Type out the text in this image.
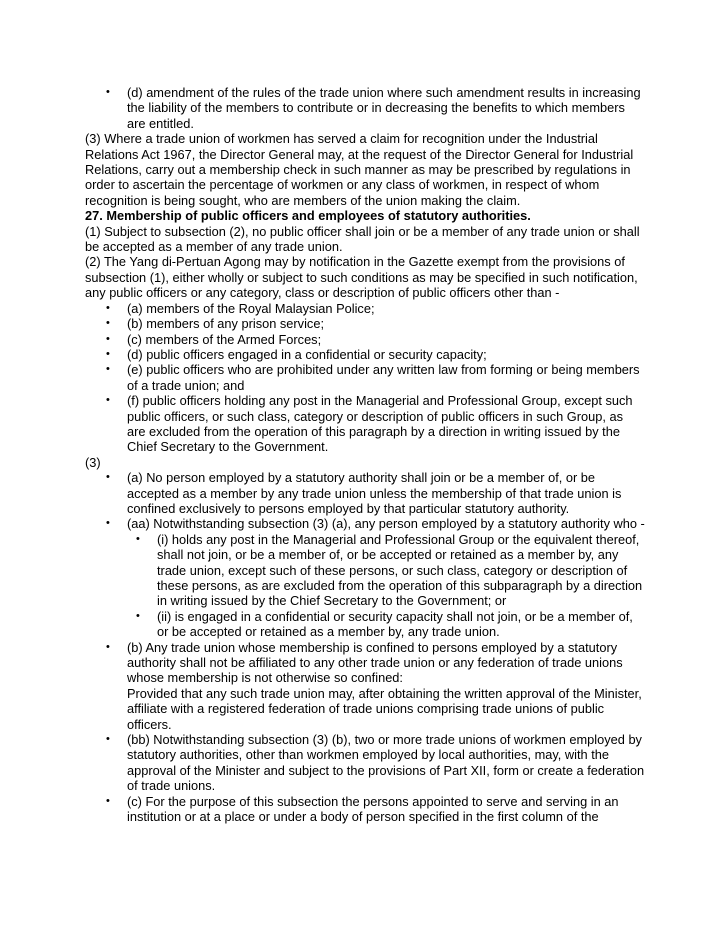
• (d) amendment of the rules of the trade union where such amendment results in increasing the liability of the members to contribute or in decreasing the benefits to which members are entitled.

(3) Where a trade union of workmen has served a claim for recognition under the Industrial Relations Act 1967, the Director General may, at the request of the Director General for Industrial Relations, carry out a membership check in such manner as may be prescribed by regulations in order to ascertain the percentage of workmen or any class of workmen, in respect of whom recognition is being sought, who are members of the union making the claim.

27. Membership of public officers and employees of statutory authorities.

(1) Subject to subsection (2), no public officer shall join or be a member of any trade union or shall be accepted as a member of any trade union.

(2) The Yang di-Pertuan Agong may by notification in the Gazette exempt from the provisions of subsection (1), either wholly or subject to such conditions as may be specified in such notification, any public officers or any category, class or description of public officers other than -

• (a) members of the Royal Malaysian Police;
• (b) members of any prison service;
• (c) members of the Armed Forces;
• (d) public officers engaged in a confidential or security capacity;
• (e) public officers who are prohibited under any written law from forming or being members of a trade union; and
• (f) public officers holding any post in the Managerial and Professional Group, except such public officers, or such class, category or description of public officers in such Group, as are excluded from the operation of this paragraph by a direction in writing issued by the Chief Secretary to the Government.

(3)

• (a) No person employed by a statutory authority shall join or be a member of, or be accepted as a member by any trade union unless the membership of that trade union is confined exclusively to persons employed by that particular statutory authority.
• (aa) Notwithstanding subsection (3) (a), any person employed by a statutory authority who -
• (i) holds any post in the Managerial and Professional Group or the equivalent thereof, shall not join, or be a member of, or be accepted or retained as a member by, any trade union, except such of these persons, or such class, category or description of these persons, as are excluded from the operation of this subparagraph by a direction in writing issued by the Chief Secretary to the Government; or
• (ii) is engaged in a confidential or security capacity shall not join, or be a member of, or be accepted or retained as a member by, any trade union.
• (b) Any trade union whose membership is confined to persons employed by a statutory authority shall not be affiliated to any other trade union or any federation of trade unions whose membership is not otherwise so confined:
Provided that any such trade union may, after obtaining the written approval of the Minister, affiliate with a registered federation of trade unions comprising trade unions of public officers.
• (bb) Notwithstanding subsection (3) (b), two or more trade unions of workmen employed by statutory authorities, other than workmen employed by local authorities, may, with the approval of the Minister and subject to the provisions of Part XII, form or create a federation of trade unions.
• (c) For the purpose of this subsection the persons appointed to serve and serving in an institution or at a place or under a body of person specified in the first column of the
